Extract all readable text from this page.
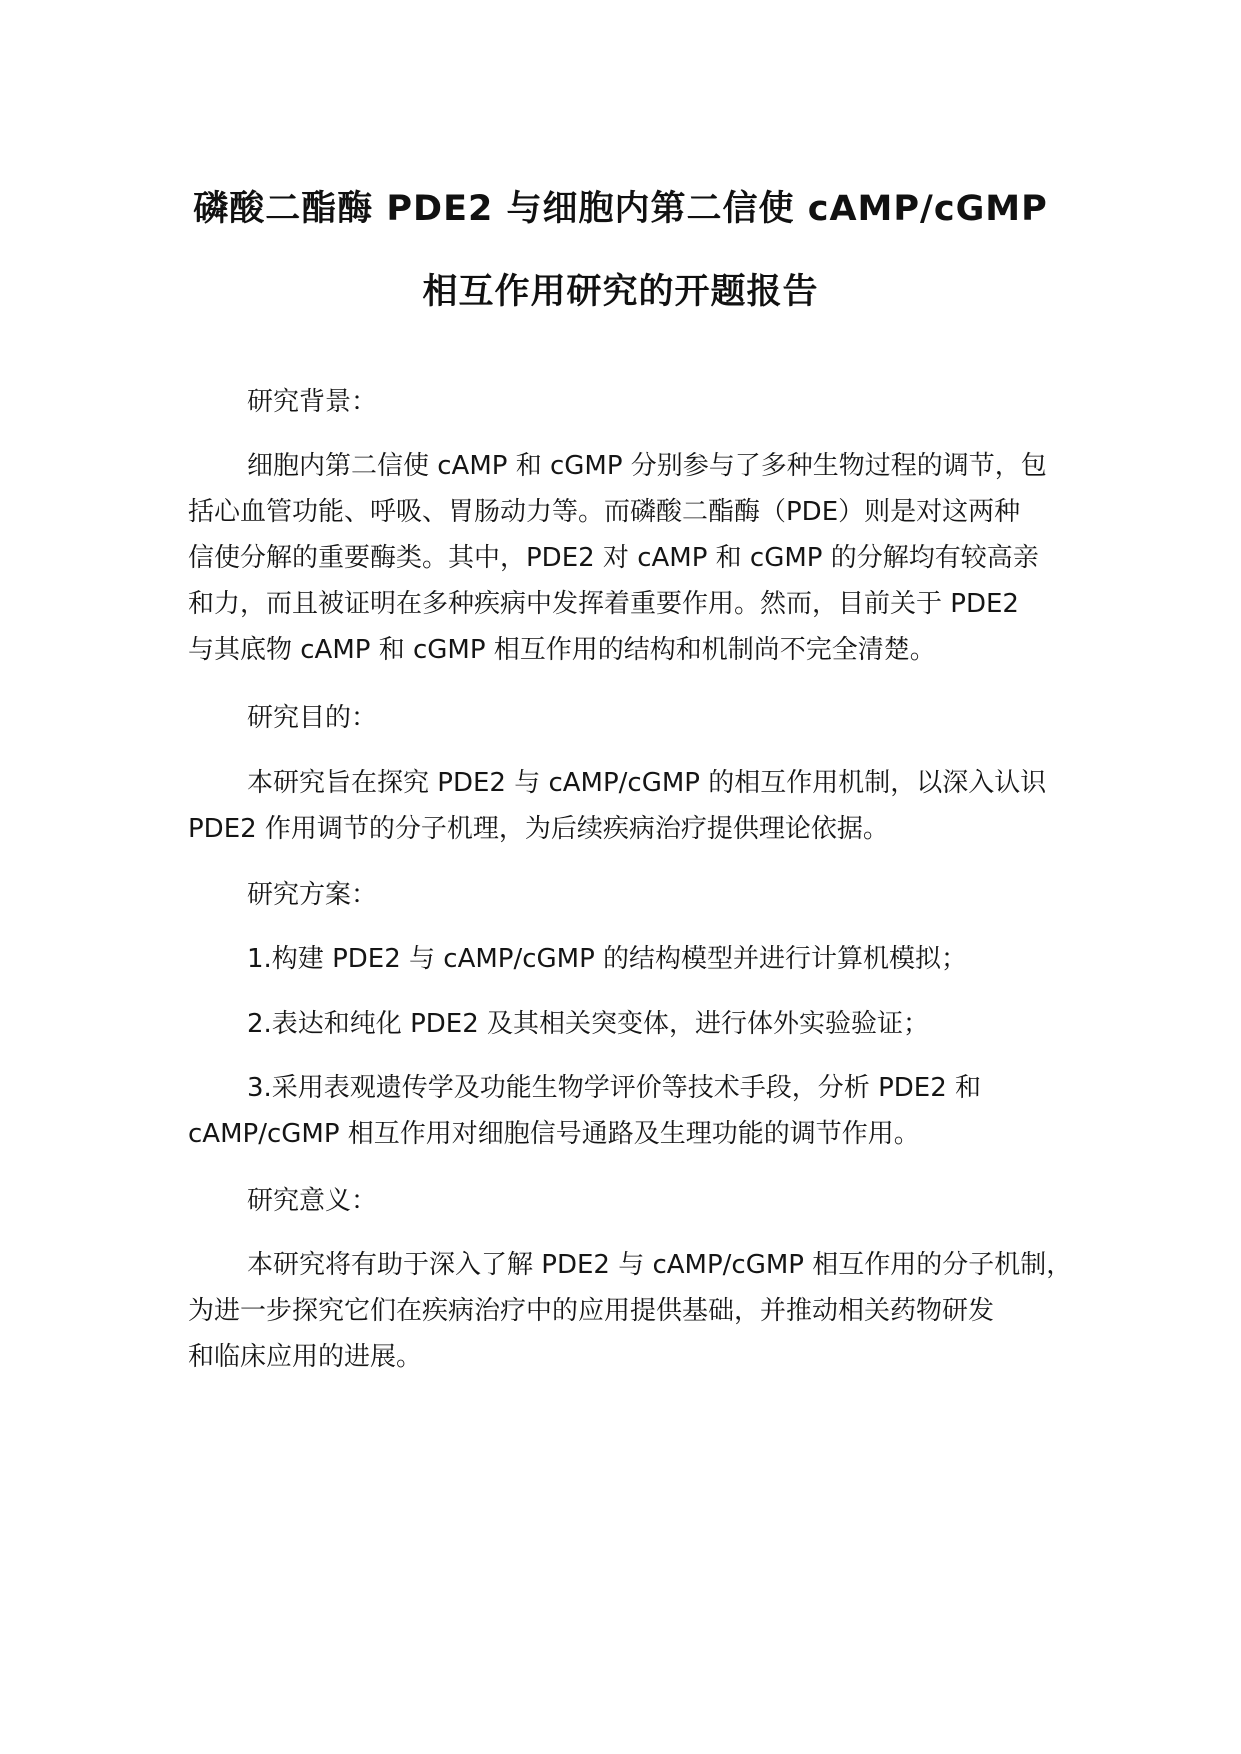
磷酸二酯酶 PDE2 与细胞内第二信使 cAMP/cGMP
相互作用研究的开题报告
研究背景：
细胞内第二信使 cAMP 和 cGMP 分别参与了多种生物过程的调节，包
括心血管功能、呼吸、胃肠动力等。而磷酸二酯酶（PDE）则是对这两种
信使分解的重要酶类。其中，PDE2 对 cAMP 和 cGMP 的分解均有较高亲
和力，而且被证明在多种疾病中发挥着重要作用。然而，目前关于 PDE2
与其底物 cAMP 和 cGMP 相互作用的结构和机制尚不完全清楚。
研究目的：
本研究旨在探究 PDE2 与 cAMP/cGMP 的相互作用机制，以深入认识
PDE2 作用调节的分子机理，为后续疾病治疗提供理论依据。
研究方案：
1.构建 PDE2 与 cAMP/cGMP 的结构模型并进行计算机模拟；
2.表达和纯化 PDE2 及其相关突变体，进行体外实验验证；
3.采用表观遗传学及功能生物学评价等技术手段，分析 PDE2 和
cAMP/cGMP 相互作用对细胞信号通路及生理功能的调节作用。
研究意义：
本研究将有助于深入了解 PDE2 与 cAMP/cGMP 相互作用的分子机制，
为进一步探究它们在疾病治疗中的应用提供基础，并推动相关药物研发
和临床应用的进展。
